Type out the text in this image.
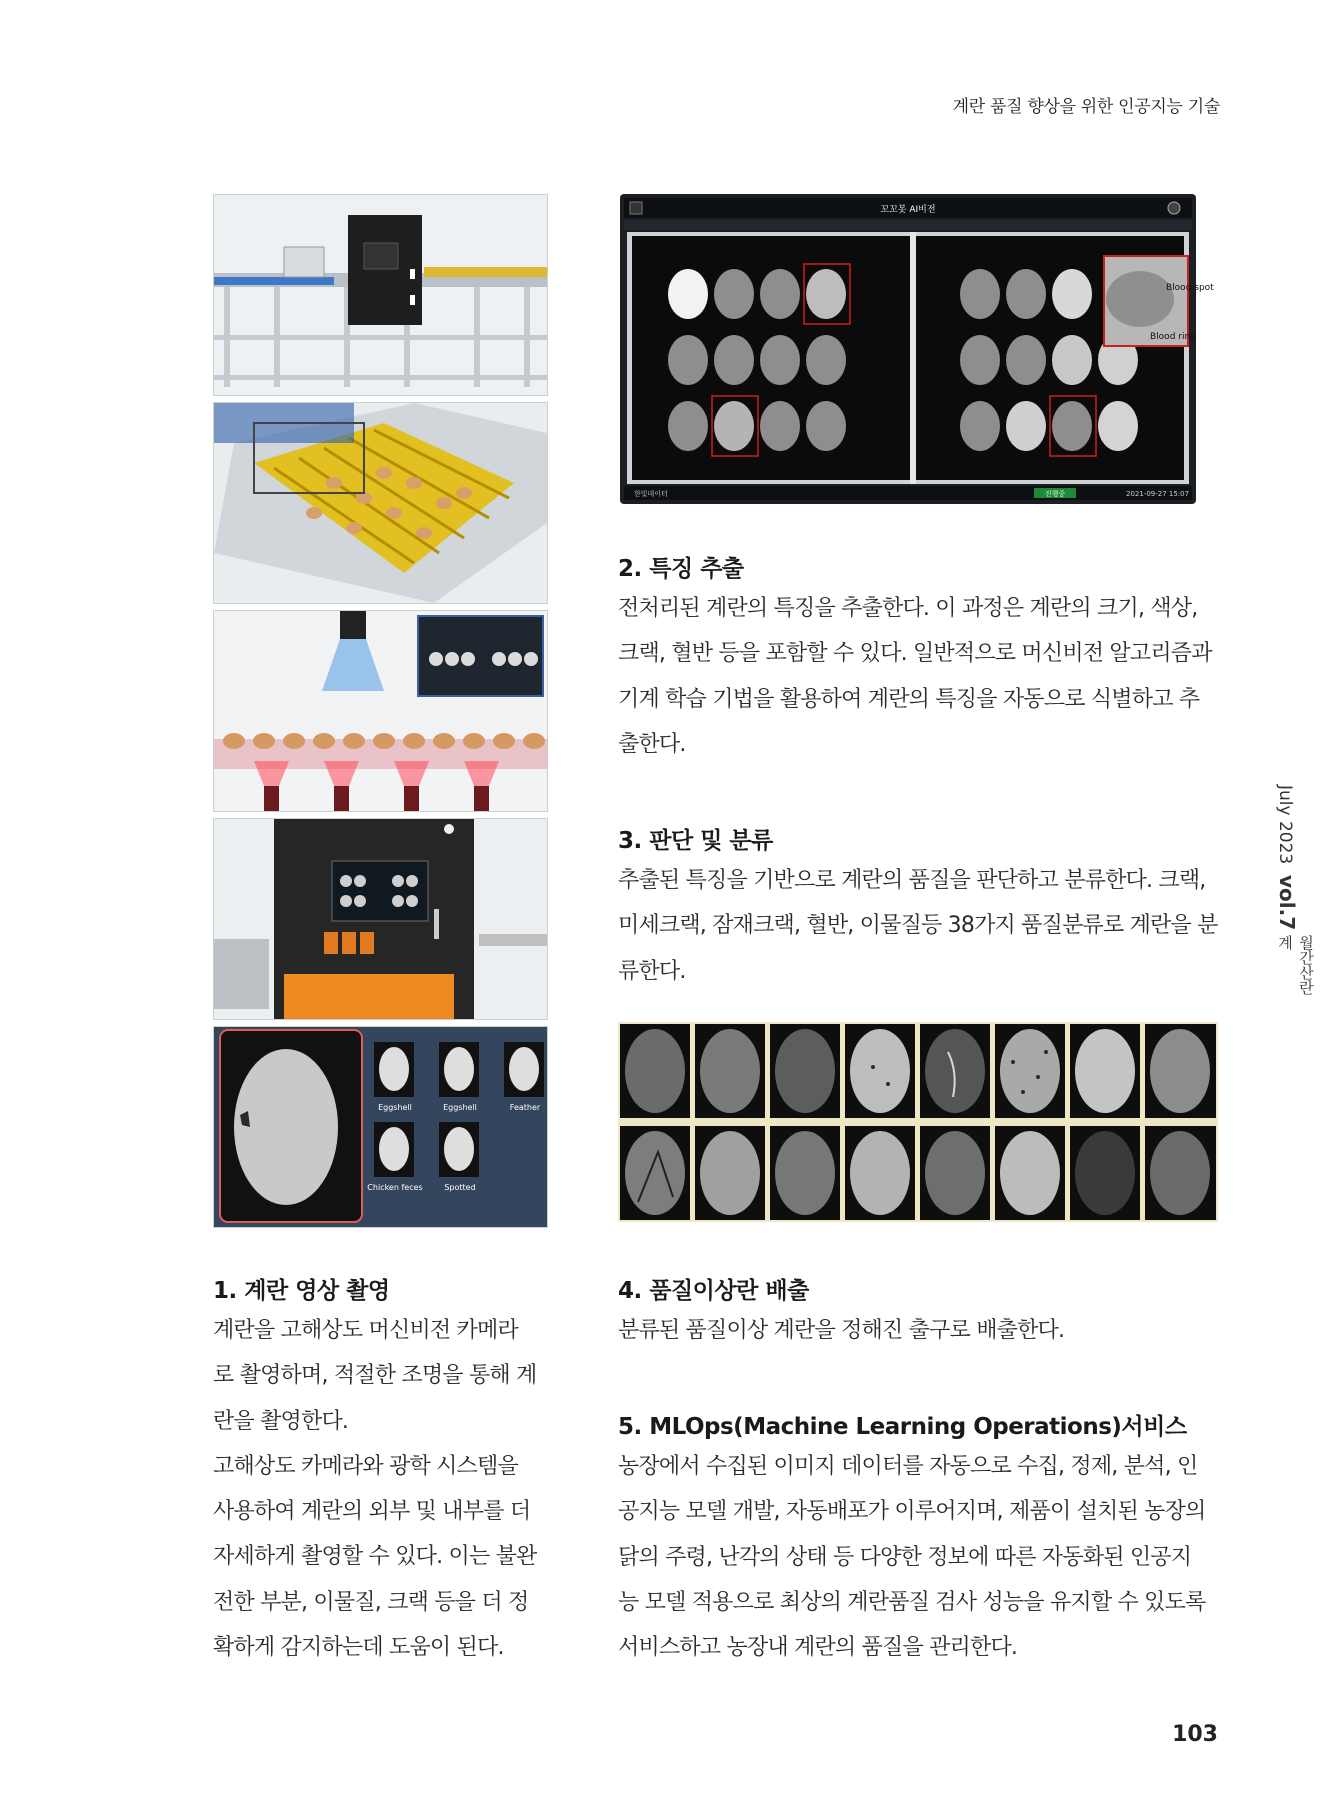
계란 품질 향상을 위한 인공지능 기술
Eggshell	Eggshell	Feather
Chicken feces	Spotted
꼬꼬봇 AI비전
Blood spot
Blood ring
한빛데이터	진행중	2021-09-27 15:07
2. 특징 추출
전처리된 계란의 특징을 추출한다. 이 과정은 계란의 크기, 색상,
크랙, 혈반 등을 포함할 수 있다. 일반적으로 머신비전 알고리즘과
기계 학습 기법을 활용하여 계란의 특징을 자동으로 식별하고 추
출한다.
3. 판단 및 분류
추출된 특징을 기반으로 계란의 품질을 판단하고 분류한다. 크랙,
미세크랙, 잠재크랙, 혈반, 이물질등 38가지 품질분류로 계란을 분
류한다.
1. 계란 영상 촬영
계란을 고해상도 머신비전 카메라
로 촬영하며, 적절한 조명을 통해 계
란을 촬영한다.
고해상도 카메라와 광학 시스템을
사용하여 계란의 외부 및 내부를 더
자세하게 촬영할 수 있다. 이는 불완
전한 부분, 이물질, 크랙 등을 더 정
확하게 감지하는데 도움이 된다.
4. 품질이상란 배출
분류된 품질이상 계란을 정해진 출구로 배출한다.
5. MLOps(Machine Learning Operations)서비스
농장에서 수집된 이미지 데이터를 자동으로 수집, 정제, 분석, 인
공지능 모델 개발, 자동배포가 이루어지며, 제품이 설치된 농장의
닭의 주령, 난각의 상태 등 다양한 정보에 따른 자동화된 인공지
능 모델 적용으로 최상의 계란품질 검사 성능을 유지할 수 있도록
서비스하고 농장내 계란의 품질을 관리한다.
July 2023
vol.7
월간산란계
103
